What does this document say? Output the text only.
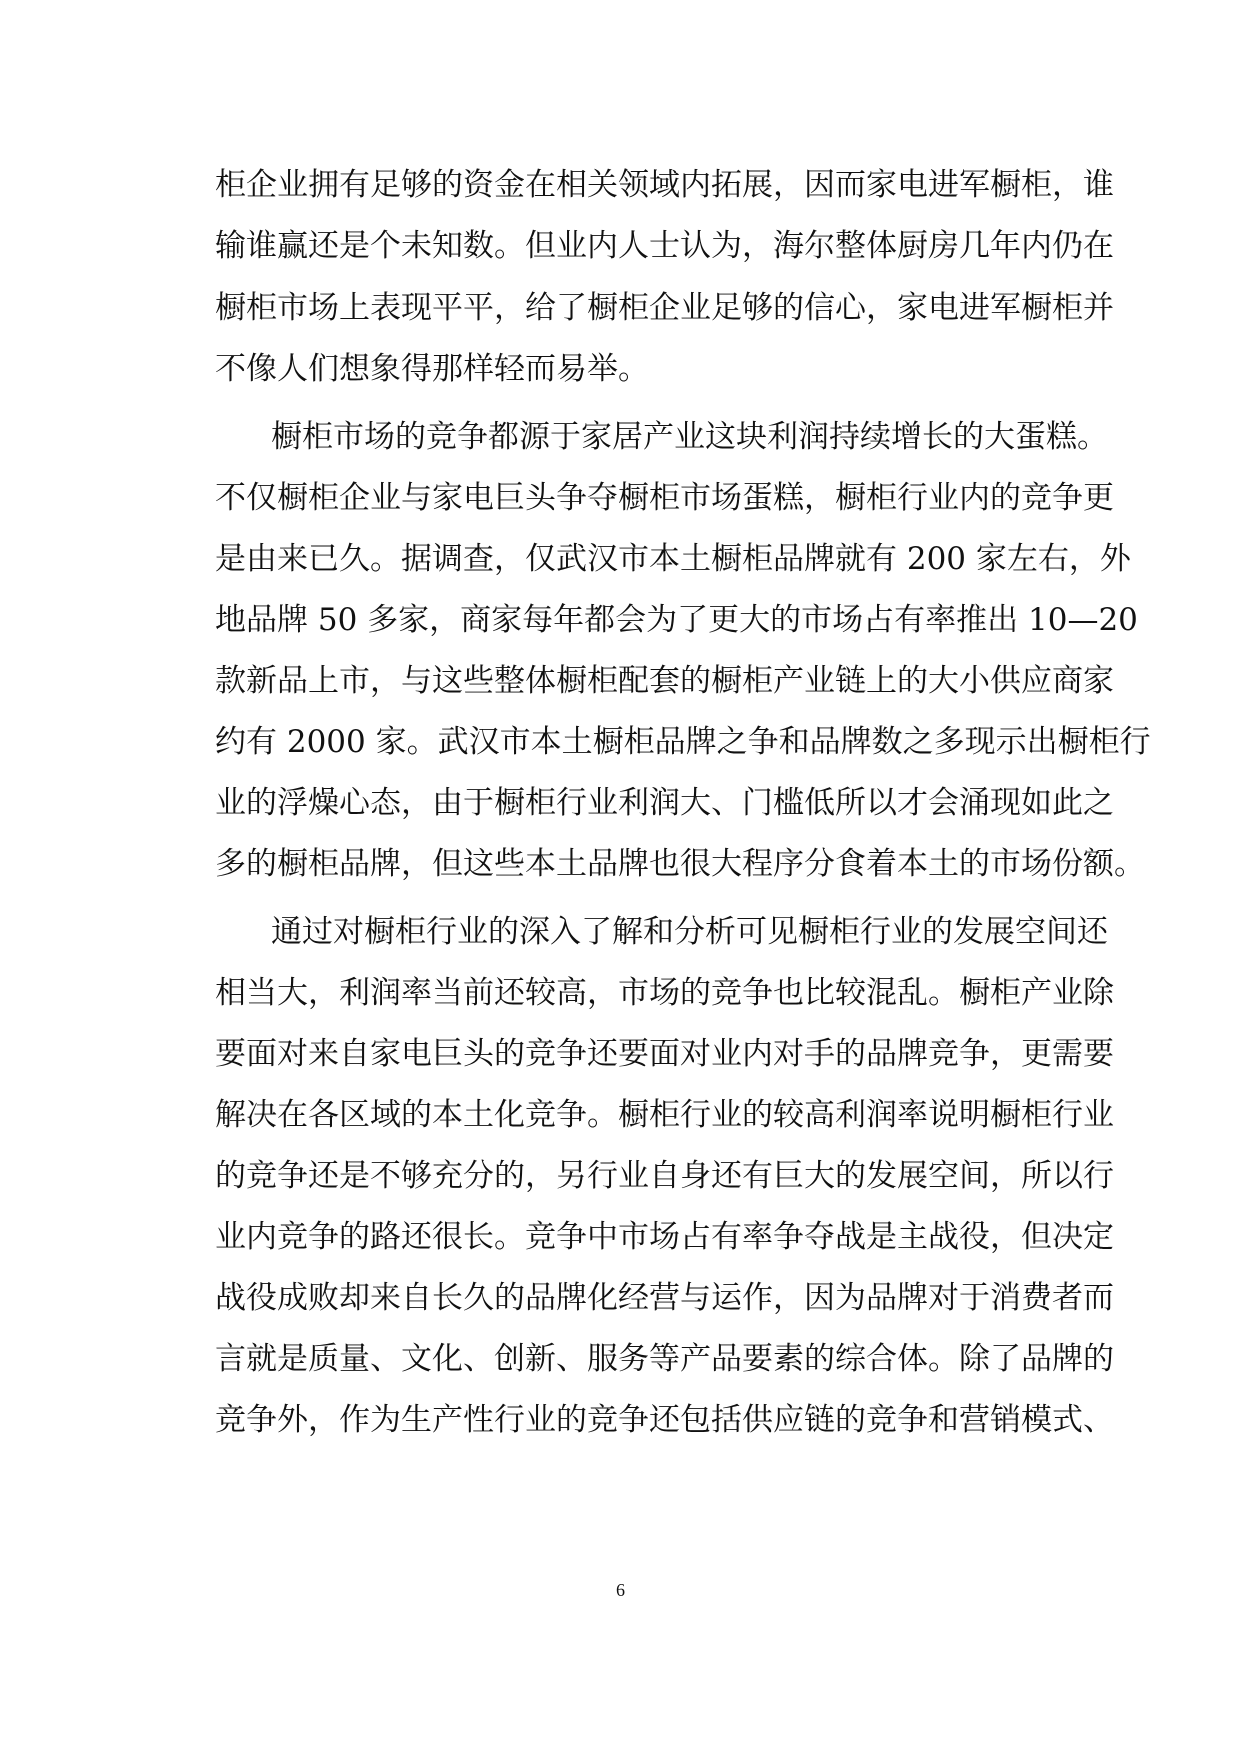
柜企业拥有足够的资金在相关领域内拓展，因而家电进军橱柜，谁
输谁赢还是个未知数。但业内人士认为，海尔整体厨房几年内仍在
橱柜市场上表现平平，给了橱柜企业足够的信心，家电进军橱柜并
不像人们想象得那样轻而易举。
橱柜市场的竞争都源于家居产业这块利润持续增长的大蛋糕。
不仅橱柜企业与家电巨头争夺橱柜市场蛋糕，橱柜行业内的竞争更
是由来已久。据调查，仅武汉市本土橱柜品牌就有 200 家左右，外
地品牌 50 多家，商家每年都会为了更大的市场占有率推出 10—20
款新品上市，与这些整体橱柜配套的橱柜产业链上的大小供应商家
约有 2000 家。武汉市本土橱柜品牌之争和品牌数之多现示出橱柜行
业的浮燥心态，由于橱柜行业利润大、门槛低所以才会涌现如此之
多的橱柜品牌，但这些本土品牌也很大程序分食着本土的市场份额。
通过对橱柜行业的深入了解和分析可见橱柜行业的发展空间还
相当大，利润率当前还较高，市场的竞争也比较混乱。橱柜产业除
要面对来自家电巨头的竞争还要面对业内对手的品牌竞争，更需要
解决在各区域的本土化竞争。橱柜行业的较高利润率说明橱柜行业
的竞争还是不够充分的，另行业自身还有巨大的发展空间，所以行
业内竞争的路还很长。竞争中市场占有率争夺战是主战役，但决定
战役成败却来自长久的品牌化经营与运作，因为品牌对于消费者而
言就是质量、文化、创新、服务等产品要素的综合体。除了品牌的
竞争外，作为生产性行业的竞争还包括供应链的竞争和营销模式、
6
